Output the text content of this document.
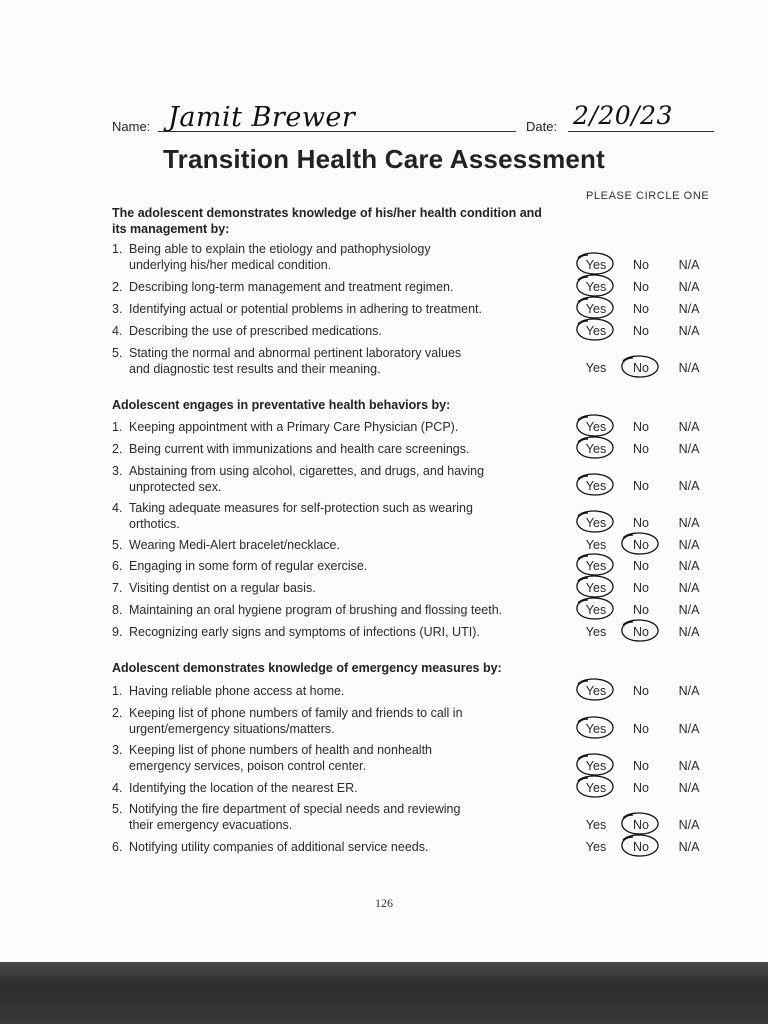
Name: Jamit Brewer	Date: 2/20/23
Transition Health Care Assessment
PLEASE CIRCLE ONE
The adolescent demonstrates knowledge of his/her health condition and its management by:
1. Being able to explain the etiology and pathophysiology
underlying his/her medical condition.	Yes	No	N/A
2. Describing long-term management and treatment regimen.	Yes	No	N/A
3. Identifying actual or potential problems in adhering to treatment.	Yes	No	N/A
4. Describing the use of prescribed medications.	Yes	No	N/A
5. Stating the normal and abnormal pertinent laboratory values
and diagnostic test results and their meaning.	Yes	No	N/A
1. Keeping appointment with a Primary Care Physician (PCP).	Yes	No	N/A
2. Being current with immunizations and health care screenings.	Yes	No	N/A
3. Abstaining from using alcohol, cigarettes, and drugs, and having
unprotected sex.	Yes	No	N/A
4. Taking adequate measures for self-protection such as wearing
orthotics.	Yes	No	N/A
5. Wearing Medi-Alert bracelet/necklace.	Yes	No	N/A
6. Engaging in some form of regular exercise.	Yes	No	N/A
7. Visiting dentist on a regular basis.	Yes	No	N/A
8. Maintaining an oral hygiene program of brushing and flossing teeth.	Yes	No	N/A
9. Recognizing early signs and symptoms of infections (URI, UTI).	Yes	No	N/A
1. Having reliable phone access at home.	Yes	No	N/A
2. Keeping list of phone numbers of family and friends to call in
urgent/emergency situations/matters.	Yes	No	N/A
3. Keeping list of phone numbers of health and nonhealth
emergency services, poison control center.	Yes	No	N/A
4. Identifying the location of the nearest ER.	Yes	No	N/A
5. Notifying the fire department of special needs and reviewing
their emergency evacuations.	Yes	No	N/A
6. Notifying utility companies of additional service needs.	Yes	No	N/A
126
Adolescent engages in preventative health behaviors by:
Adolescent demonstrates knowledge of emergency measures by:
